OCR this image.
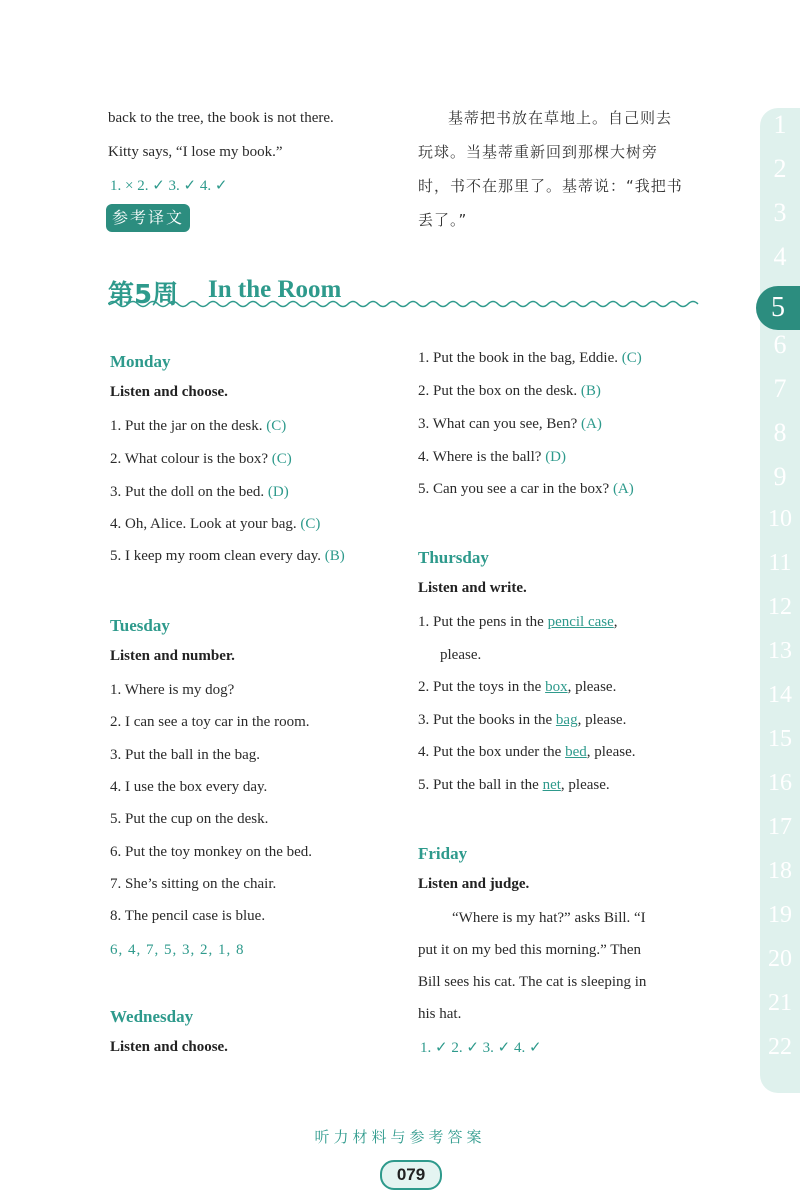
back to the tree, the book is not there.
Kitty says, “I lose my book.”
1. × 2. ✓ 3. ✓ 4. ✓
参考译文
基蒂把书放在草地上。自己则去
玩球。当基蒂重新回到那棵大树旁
时，书不在那里了。基蒂说：“我把书
丢了。”
第5周 In the Room
Monday
Listen and choose.
1. Put the jar on the desk. (C)
2. What colour is the box? (C)
3. Put the doll on the bed. (D)
4. Oh, Alice. Look at your bag. (C)
5. I keep my room clean every day. (B)
Tuesday
Listen and number.
1. Where is my dog?
2. I can see a toy car in the room.
3. Put the ball in the bag.
4. I use the box every day.
5. Put the cup on the desk.
6. Put the toy monkey on the bed.
7. She’s sitting on the chair.
8. The pencil case is blue.
6, 4, 7, 5, 3, 2, 1, 8
Wednesday
Listen and choose.
1. Put the book in the bag, Eddie. (C)
2. Put the box on the desk. (B)
3. What can you see, Ben? (A)
4. Where is the ball? (D)
5. Can you see a car in the box? (A)
Thursday
Listen and write.
1. Put the pens in the pencil case,
please.
2. Put the toys in the box, please.
3. Put the books in the bag, please.
4. Put the box under the bed, please.
5. Put the ball in the net, please.
Friday
Listen and judge.
“Where is my hat?” asks Bill. “I
put it on my bed this morning.” Then
Bill sees his cat. The cat is sleeping in
his hat.
1. ✓ 2. ✓ 3. ✓ 4. ✓
1
2
3
4
6
7
8
9
10
11
12
13
14
15
16
17
18
19
20
21
22
5
听力材料与参考答案
079
